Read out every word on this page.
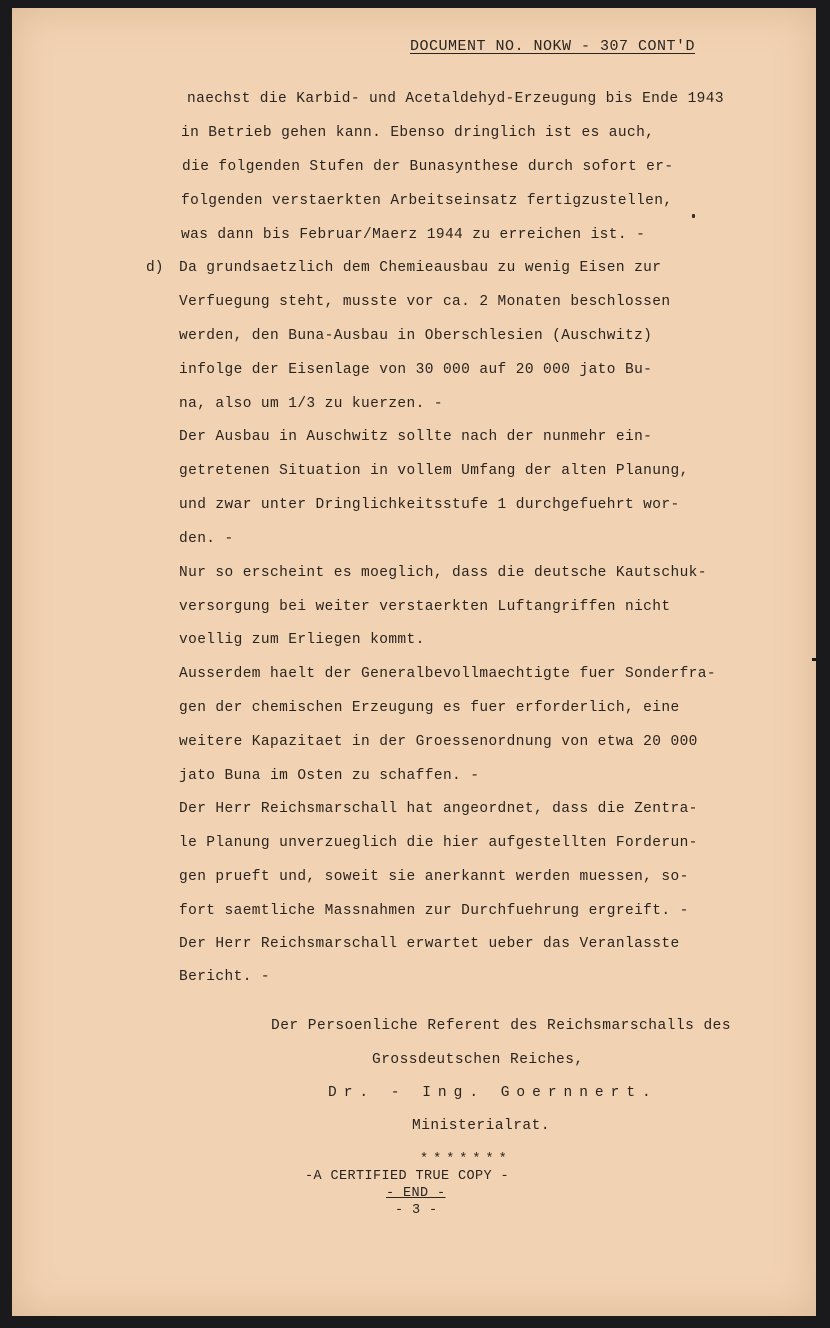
DOCUMENT NO. NOKW - 307 CONT'D
naechst die Karbid- und Acetaldehyd-Erzeugung bis Ende 1943
in Betrieb gehen kann. Ebenso dringlich ist es auch,
die folgenden Stufen der Bunasynthese durch sofort er-
folgenden verstaerkten Arbeitseinsatz fertigzustellen,
was dann bis Februar/Maerz 1944 zu erreichen ist. -
d) Da grundsaetzlich dem Chemieausbau zu wenig Eisen zur
Verfuegung steht, musste vor ca. 2 Monaten beschlossen
werden, den Buna-Ausbau in Oberschlesien (Auschwitz)
infolge der Eisenlage von 30 000 auf 20 000 jato Bu-
na, also um 1/3 zu kuerzen. -
Der Ausbau in Auschwitz sollte nach der nunmehr ein-
getretenen Situation in vollem Umfang der alten Planung,
und zwar unter Dringlichkeitsstufe 1 durchgefuehrt wor-
den. -
Nur so erscheint es moeglich, dass die deutsche Kautschuk-
versorgung bei weiter verstaerkten Luftangriffen nicht
voellig zum Erliegen kommt.
Ausserdem haelt der Generalbevollmaechtigte fuer Sonderfra-
gen der chemischen Erzeugung es fuer erforderlich, eine
weitere Kapazitaet in der Groessenordnung von etwa 20 000
jato Buna im Osten zu schaffen. -
Der Herr Reichsmarschall hat angeordnet, dass die Zentra-
le Planung unverzueglich die hier aufgestellten Forderun-
gen prueft und, soweit sie anerkannt werden muessen, so-
fort saemtliche Massnahmen zur Durchfuehrung ergreift. -
Der Herr Reichsmarschall erwartet ueber das Veranlasste
Bericht. -
Der Persoenliche Referent des Reichsmarschalls des
Grossdeutschen Reiches,
Dr. - Ing. Goernnert.
Ministerialrat.
*******
-A CERTIFIED TRUE COPY -
- END -
- 3 -
